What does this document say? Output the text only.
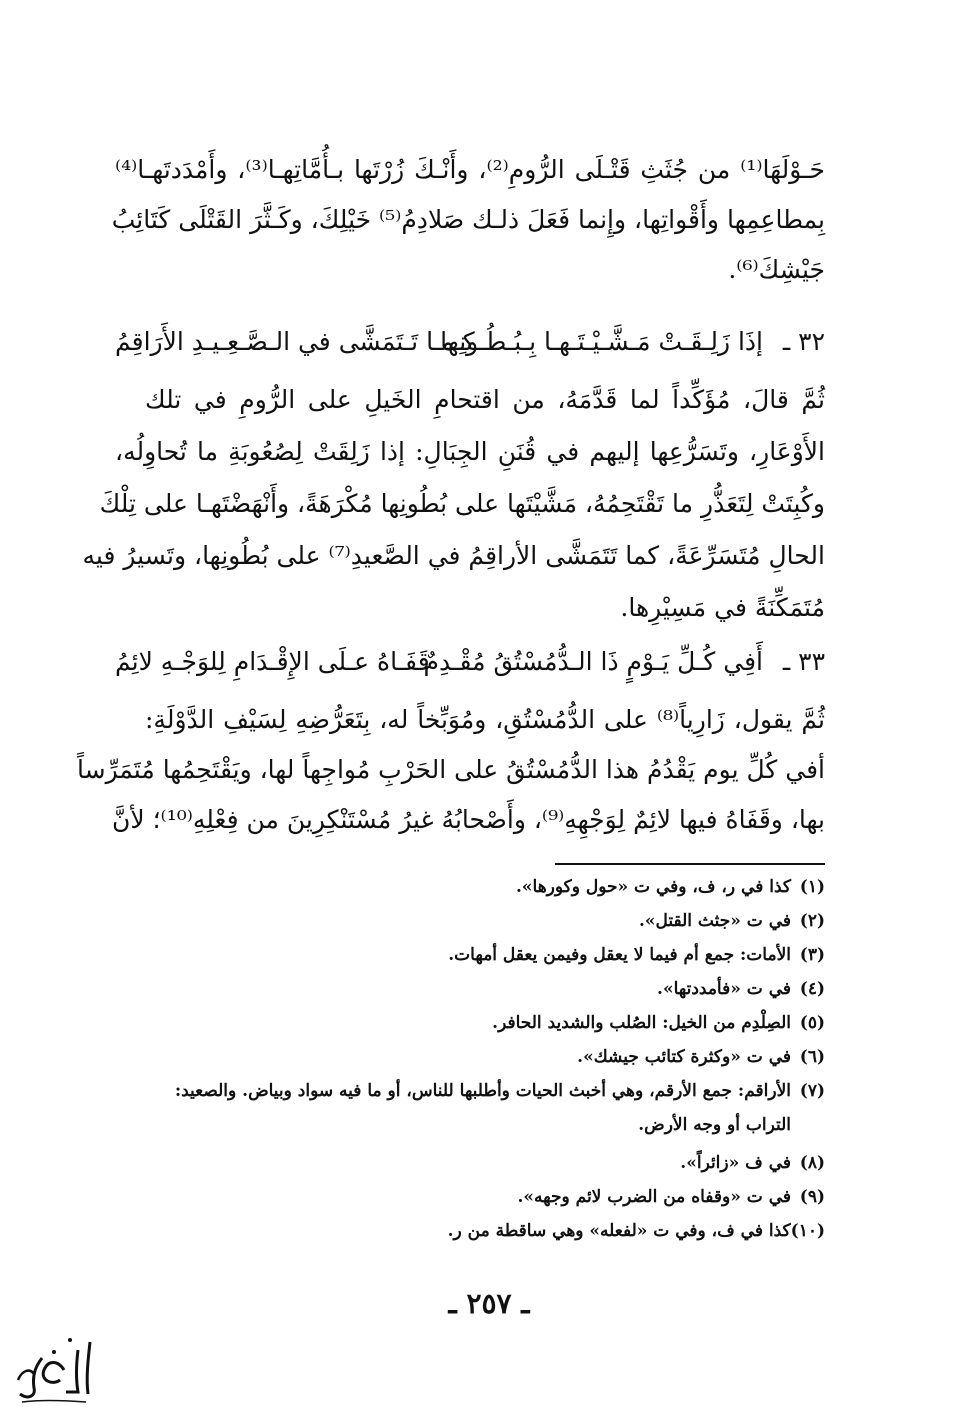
حَـوْلَهَا⁽¹⁾ من جُثَثِ قَتْـلَى الرُّومِ⁽²⁾، وأَنْـكَ زُرْتَها بـأُمَّاتِهـا⁽³⁾، وأَمْدَدتَهـا⁽⁴⁾
بِمطاعِمِها وأَقْواتِها، وإِنما فَعَلَ ذلـك صَلادِمُ⁽⁵⁾ خَيْلِكَ، وكَـثَّرَ القَتْلَى كَتَائِبُ
جَيْشِكَ⁽⁶⁾.
٣٢ ـ
إذَا زَلِـقَـتْ مَـشَّـيْـتَـهـا بِـبُـطُـونِها
كـمـا تَـتَمَشَّى في الـصَّـعِـيـدِ الأَرَاقِمُ
ثُمَّ قالَ، مُؤَكِّداً لما قَدَّمَهُ، من اقتحامِ الخَيلِ على الرُّومِ في تلك
الأَوْعَارِ، وتَسَرُّعِها إليهم في قُنَنِ الجِبَالِ: إذا زَلِقَتْ لِصُعُوبَةِ ما تُحاوِلُه،
وكُبِتَتْ لِتَعَذُّرِ ما تَقْتَحِمُهُ، مَشَّيْتَها على بُطُونِها مُكْرَهَةً، وأَنْهَضْتَهـا على تِلْكَ
الحالِ مُتَسَرِّعَةً، كما تَتَمَشَّى الأراقِمُ في الصَّعيدِ⁽⁷⁾ على بُطُونِها، وتَسيرُ فيه
مُتَمَكِّنَةً في مَسِيْرِها.
٣٣ ـ
أَفِي كُـلِّ يَـوْمٍ ذَا الـدُّمُسْتُقُ مُقْـدِمٌ
قَفَـاهُ عـلَى الإِقْـدَامِ لِلوَجْـهِ لائِمُ
ثُمَّ يقول، زَارِياً⁽⁸⁾ على الدُّمُسْتُقِ، ومُوَبِّخاً له، بِتَعَرُّضِهِ لِسَيْفِ الدَّوْلَةِ:
أفي كُلِّ يوم يَقْدُمُ هذا الدُّمُسْتُقُ على الحَرْبِ مُواجِهاً لها، ويَقْتَحِمُها مُتَمَرِّساً
بها، وقَفَاهُ فيها لائِمٌ لِوَجْهِهِ⁽⁹⁾، وأَصْحابُهُ غيرُ مُسْتَنْكِرِينَ من فِعْلِهِ⁽¹⁰⁾؛ لأنَّ
(١)كذا في ر، ف، وفي ت «حول وكورها».
(٢)في ت «جثث القتل».
(٣)الأمات: جمع أم فيما لا يعقل وفيمن يعقل أمهات.
(٤)في ت «فأمددتها».
(٥)الصِلْدِم من الخيل: الصُلب والشديد الحافر.
(٦)في ت «وكثرة كتائب جيشك».
(٧)الأراقم: جمع الأرقم، وهي أخبث الحيات وأطلبها للناس، أو ما فيه سواد وبياض. والصعيد:
التراب أو وجه الأرض.
(٨)في ف «زائراً».
(٩)في ت «وقفاه من الضرب لائم وجهه».
(١٠)كذا في ف، وفي ت «لفعله» وهي ساقطة من ر.
ـ ٢٥٧ ـ
